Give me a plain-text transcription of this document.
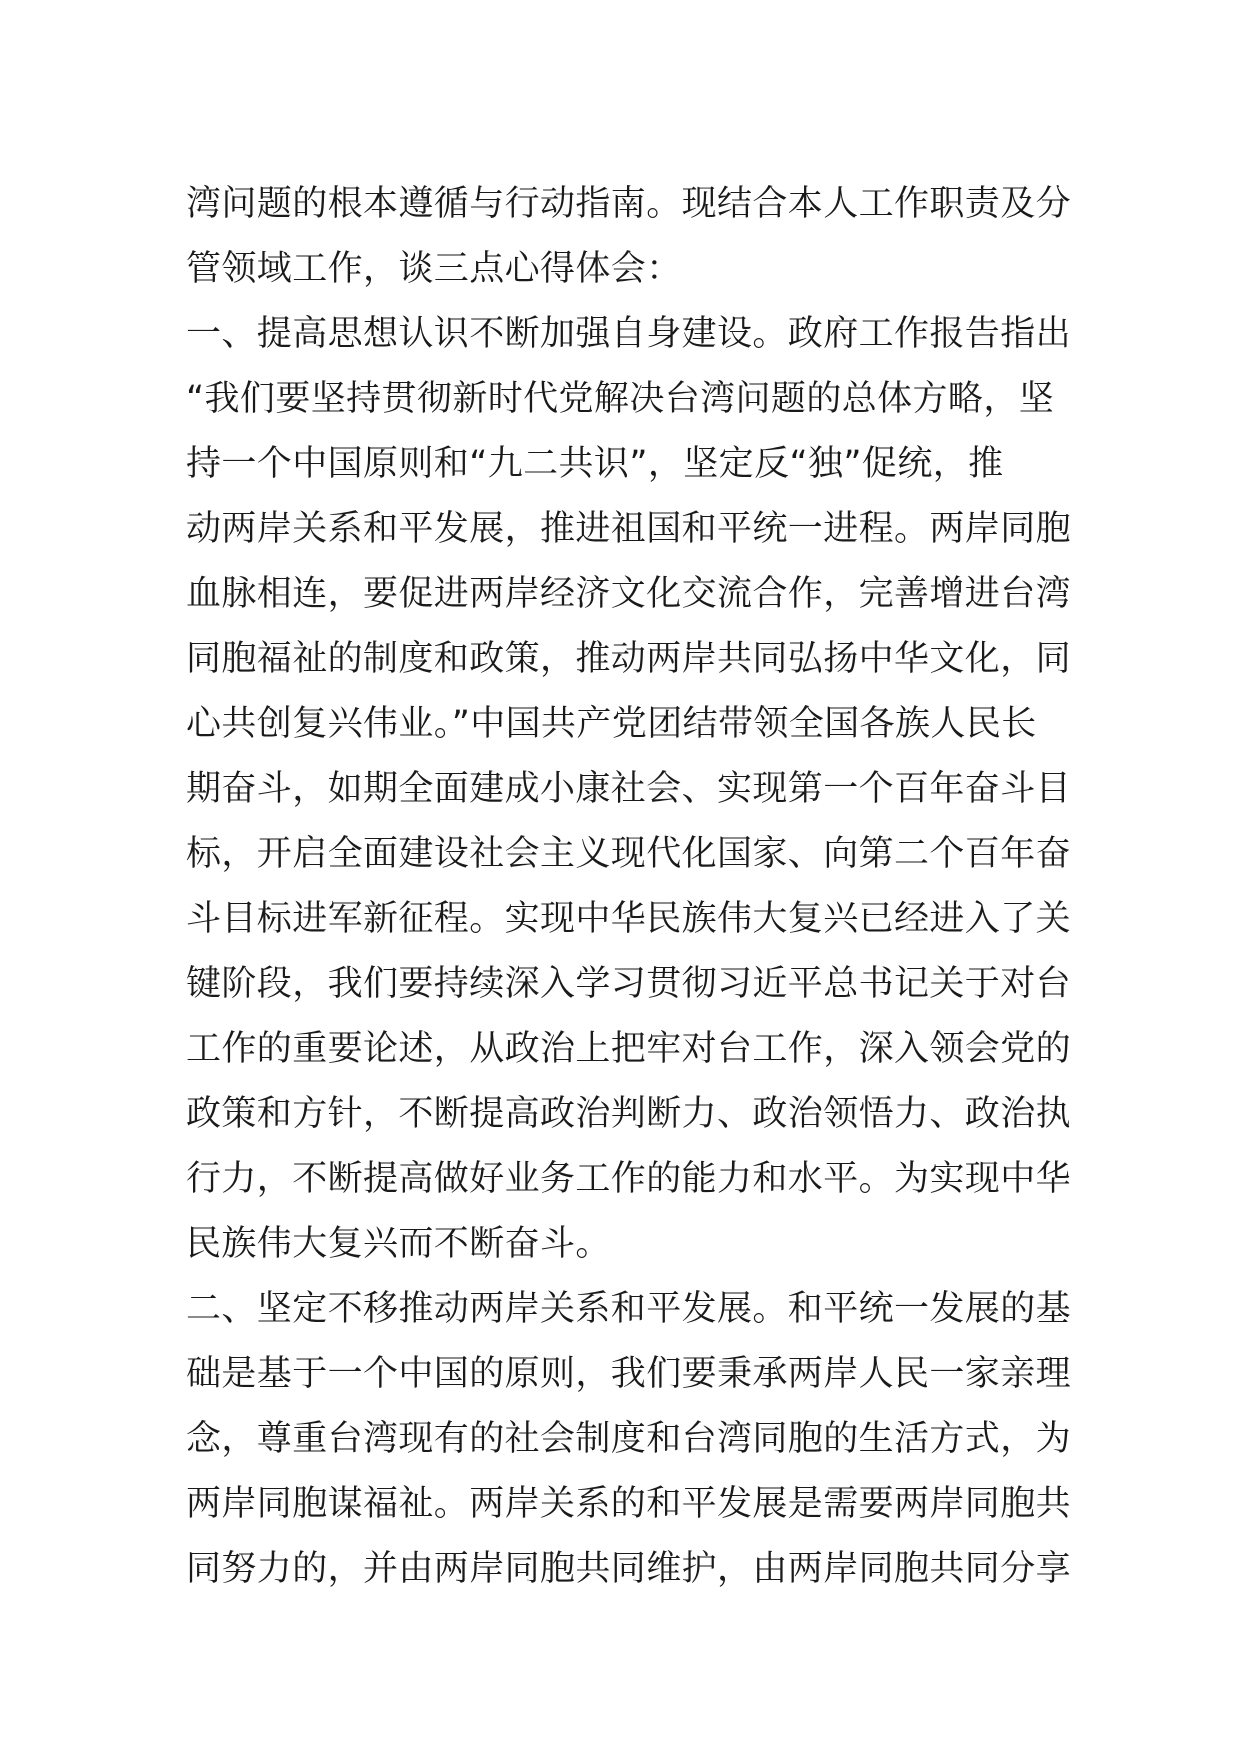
湾问题的根本遵循与行动指南。现结合本人工作职责及分
管领域工作，谈三点心得体会：
一、提高思想认识不断加强自身建设。政府工作报告指出
“我们要坚持贯彻新时代党解决台湾问题的总体方略，坚
持一个中国原则和“九二共识”，坚定反“独”促统，推
动两岸关系和平发展，推进祖国和平统一进程。两岸同胞
血脉相连，要促进两岸经济文化交流合作，完善增进台湾
同胞福祉的制度和政策，推动两岸共同弘扬中华文化，同
心共创复兴伟业。”中国共产党团结带领全国各族人民长
期奋斗，如期全面建成小康社会、实现第一个百年奋斗目
标，开启全面建设社会主义现代化国家、向第二个百年奋
斗目标进军新征程。实现中华民族伟大复兴已经进入了关
键阶段，我们要持续深入学习贯彻习近平总书记关于对台
工作的重要论述，从政治上把牢对台工作，深入领会党的
政策和方针，不断提高政治判断力、政治领悟力、政治执
行力，不断提高做好业务工作的能力和水平。为实现中华
民族伟大复兴而不断奋斗。
二、坚定不移推动两岸关系和平发展。和平统一发展的基
础是基于一个中国的原则，我们要秉承两岸人民一家亲理
念，尊重台湾现有的社会制度和台湾同胞的生活方式，为
两岸同胞谋福祉。两岸关系的和平发展是需要两岸同胞共
同努力的，并由两岸同胞共同维护，由两岸同胞共同分享
